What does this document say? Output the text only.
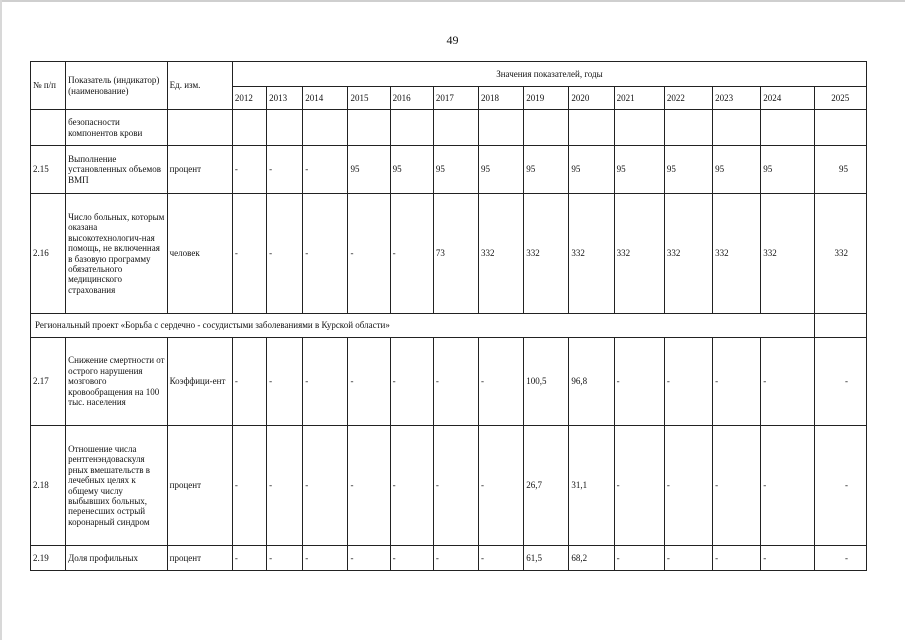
49
№ п/п	Показатель (индикатор) (наименование)	Ед. изм.	Значения показателей, годы													
			2012	2013	2014	2015	2016	2017	2018	2019	2020	2021	2022	2023	2024	2025
	безопасности компонентов крови															
2.15	Выполнение установленных объемов ВМП	процент	-	-	-	95	95	95	95	95	95	95	95	95	95	95
2.16	Число больных, которым оказана высокотехнологич-ная помощь, не включенная в базовую программу обязательного медицинского страхования	человек	-	-	-	-	-	73	332	332	332	332	332	332	332	332
Региональный проект «Борьба с сердечно - сосудистыми заболеваниями в Курской области»																
2.17	Снижение смертности от острого нарушения мозгового кровообращения на 100 тыс. населения	Коэффици-ент	-	-	-	-	-	-	-	100,5	96,8	-	-	-	-	-
2.18	Отношение числа рентгенэндоваскуля рных вмешательств в лечебных целях к общему числу выбывших больных, перенесших острый коронарный синдром	процент	-	-	-	-	-	-	-	26,7	31,1	-	-	-	-	-
2.19	Доля профильных	процент	-	-	-	-	-	-	-	61,5	68,2	-	-	-	-	-
